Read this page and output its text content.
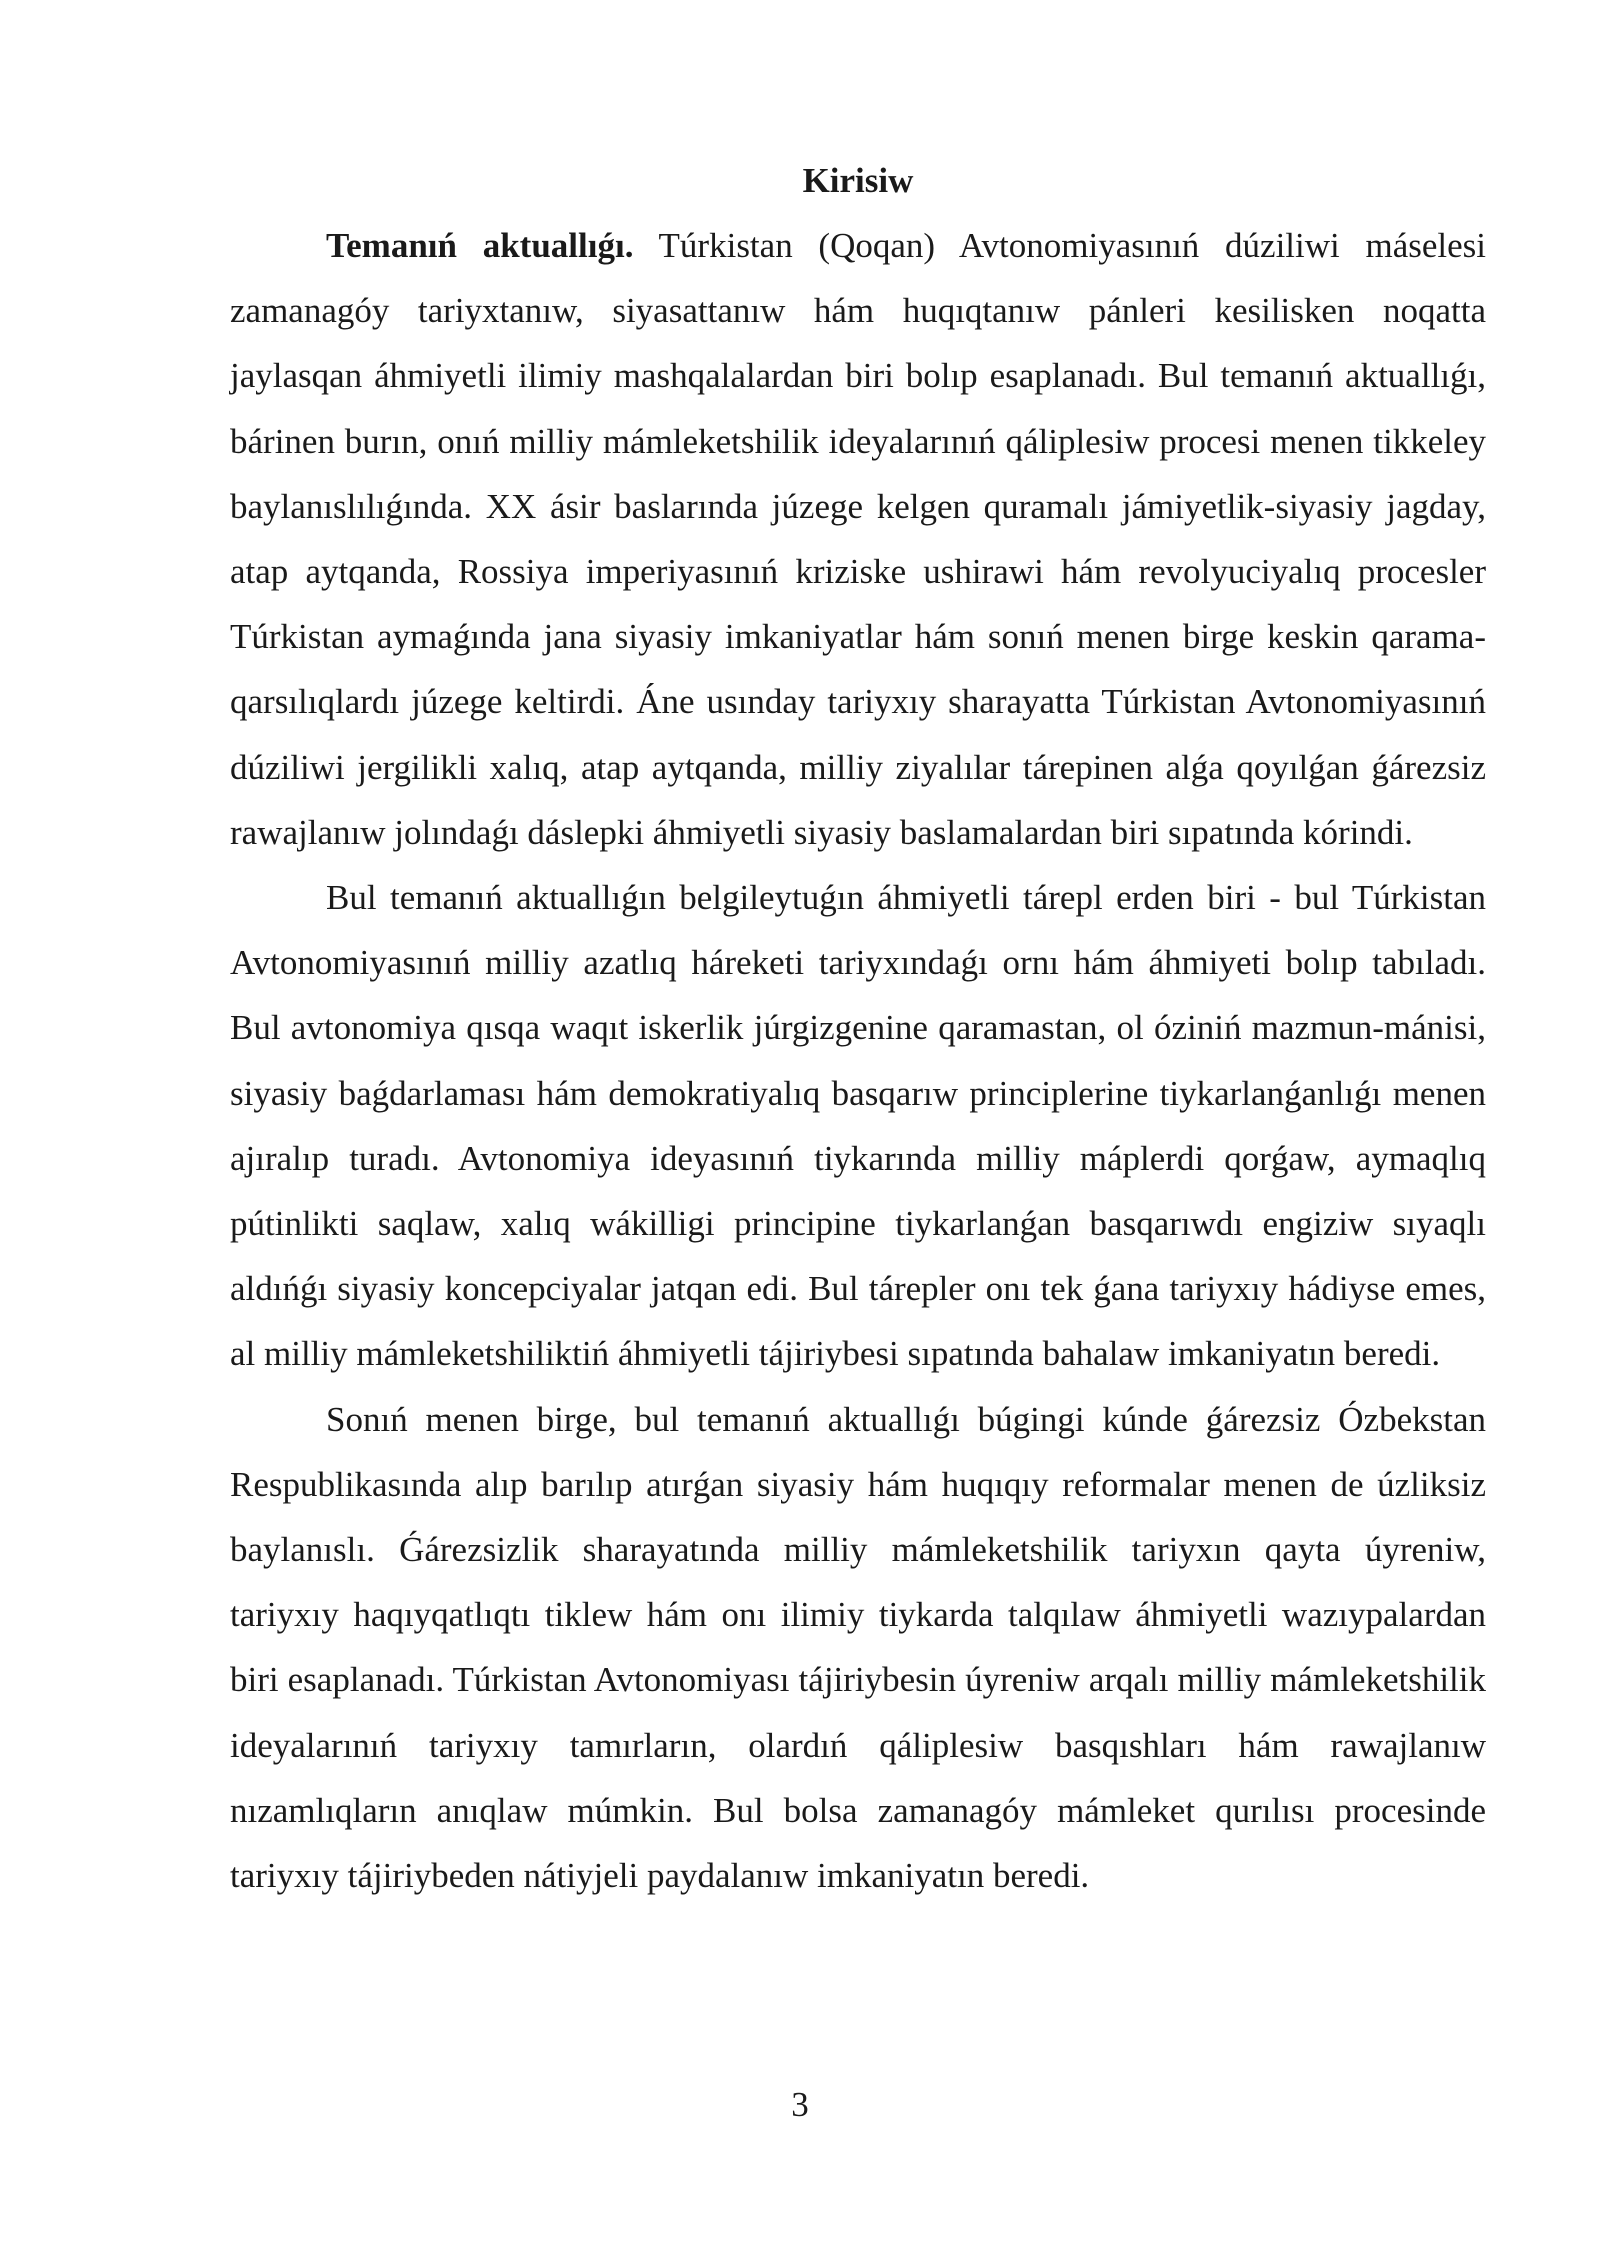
Kirisiw

Temanıń aktuallıǵı. Túrkistan (Qoqan) Avtonomiyasınıń dúziliwi máselesi zamanagóy tariyxtanıw, siyasattanıw hám huqıqtanıw pánleri kesilisken noqatta jaylasqan áhmiyetli ilimiy mashqalalardan biri bolıp esaplanadı. Bul temanıń aktuallıǵı, bárinen burın, onıń milliy mámleketshilik ideyalarınıń qáliplesiw procesi menen tikkeley baylanıslılıǵında. XX ásir baslarında júzege kelgen quramalı jámiyetlik-siyasiy jagday, atap aytqanda, Rossiya imperiyasınıń kriziske ushirawi hám revolyuciyalıq procesler Túrkistan aymaǵında jana siyasiy imkaniyatlar hám sonıń menen birge keskin qarama-qarsılıqlardı júzege keltirdi. Áne usınday tariyxıy sharayatta Túrkistan Avtonomiyasınıń dúziliwi jergilikli xalıq, atap aytqanda, milliy ziyalılar tárepinen alǵa qoyılǵan ǵárezsiz rawajlanıw jolındaǵı dáslepki áhmiyetli siyasiy baslamalardan biri sıpatında kórindi.

Bul temanıń aktuallıǵın belgileytuǵın áhmiyetli tárepl erden biri - bul Túrkistan Avtonomiyasınıń milliy azatlıq háreketi tariyxındaǵı ornı hám áhmiyeti bolıp tabıladı. Bul avtonomiya qısqa waqıt iskerlik júrgizgenine qaramastan, ol óziniń mazmun-mánisi, siyasiy baǵdarlaması hám demokratiyalıq basqarıw principlerine tiykarlanǵanlıǵı menen ajıralıp turadı. Avtonomiya ideyasınıń tiykarında milliy máplerdi qorǵaw, aymaqlıq pútinlikti saqlaw, xalıq wákilligi principine tiykarlanǵan basqarıwdı engiziw sıyaqlı aldıńǵı siyasiy koncepciyalar jatqan edi. Bul tárepler onı tek ǵana tariyxıy hádiyse emes, al milliy mámleketshiliktiń áhmiyetli tájiriybesi sıpatında bahalaw imkaniyatın beredi.

Sonıń menen birge, bul temanıń aktuallıǵı búgingi kúnde ǵárezsiz Ózbekstan Respublikasında alıp barılıp atırǵan siyasiy hám huqıqıy reformalar menen de úzliksiz baylanıslı. Ǵárezsizlik sharayatında milliy mámleketshilik tariyxın qayta úyreniw, tariyxıy haqıyqatlıqtı tiklew hám onı ilimiy tiykarda talqılaw áhmiyetli wazıypalardan biri esaplanadı. Túrkistan Avtonomiyası tájiriybesin úyreniw arqalı milliy mámleketshilik ideyalarınıń tariyxıy tamırların, olardıń qáliplesiw basqıshları hám rawajlanıw nızamlıqların anıqlaw múmkin. Bul bolsa zamanagóy mámleket qurılısı procesinde tariyxıy tájiriybeden nátiyjeli paydalanıw imkaniyatın beredi.

3
